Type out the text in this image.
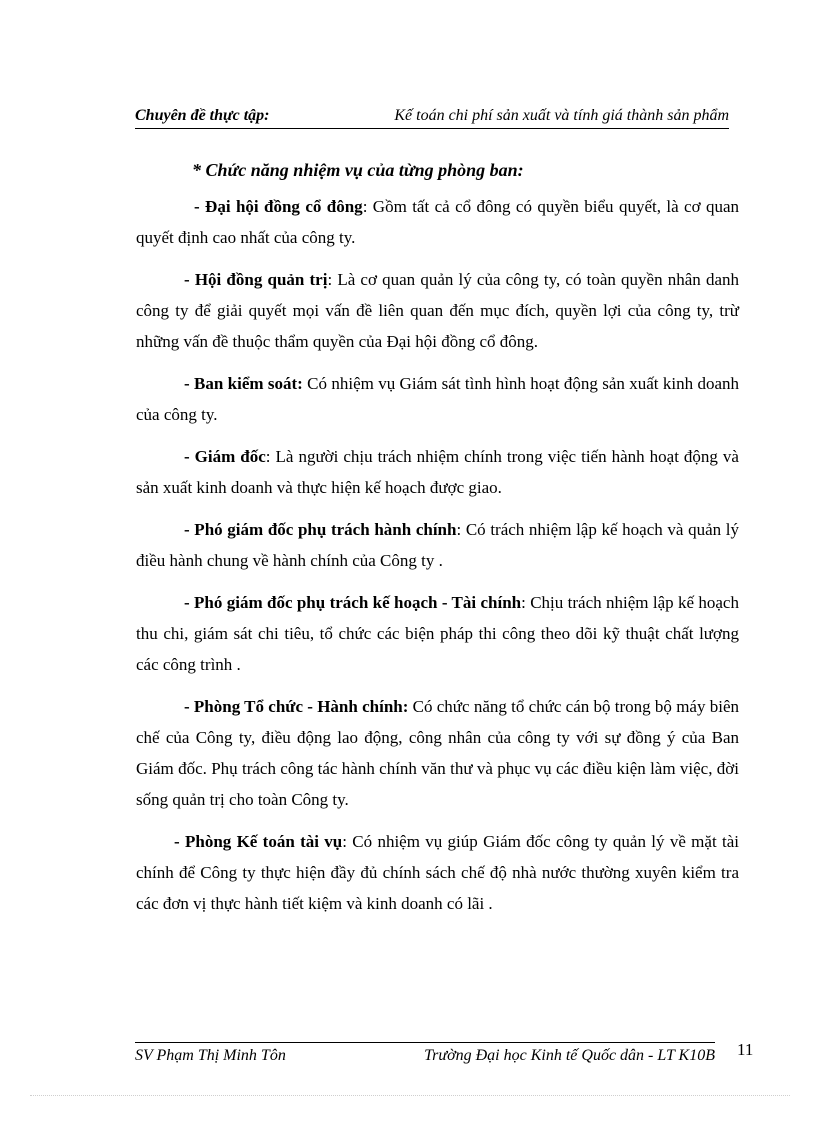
Chuyên đề thực tập:	Kế toán chi phí sản xuất và tính giá thành sản phẩm
* Chức năng nhiệm vụ của từng phòng ban:

- Đại hội đồng cổ đông: Gồm tất cả cổ đông có quyền biểu quyết, là cơ quan quyết định cao nhất của công ty.

- Hội đồng quản trị: Là cơ quan quản lý của công ty, có toàn quyền nhân danh công ty để giải quyết mọi vấn đề liên quan đến mục đích, quyền lợi của công ty, trừ những vấn đề thuộc thẩm quyền của Đại hội đồng cổ đông.

- Ban kiểm soát: Có nhiệm vụ Giám sát tình hình hoạt động sản xuất kinh doanh của công ty.

- Giám đốc: Là người chịu trách nhiệm chính trong việc tiến hành hoạt động và sản xuất kinh doanh và thực hiện kế hoạch được giao.

- Phó giám đốc phụ trách hành chính: Có trách nhiệm lập kế hoạch và quản lý điều hành chung về hành chính của Công ty .

- Phó giám đốc phụ trách kế hoạch - Tài chính: Chịu trách nhiệm lập kế hoạch thu chi, giám sát chi tiêu, tổ chức các biện pháp thi công theo dõi kỹ thuật chất lượng các công trình .

- Phòng Tổ chức - Hành chính: Có chức năng tổ chức cán bộ trong bộ máy biên chế của Công ty, điều động lao động, công nhân của công ty với sự đồng ý của Ban Giám đốc. Phụ trách công tác hành chính văn thư và phục vụ các điều kiện làm việc, đời sống quản trị cho toàn Công ty.

- Phòng Kế toán tài vụ: Có nhiệm vụ giúp Giám đốc công ty quản lý về mặt tài chính để Công ty thực hiện đầy đủ chính sách chế độ nhà nước thường xuyên kiểm tra các đơn vị thực hành tiết kiệm và kinh doanh có lãi .

SV Phạm Thị Minh Tôn	Trường Đại học Kinh tế Quốc dân - LT K10B 11
